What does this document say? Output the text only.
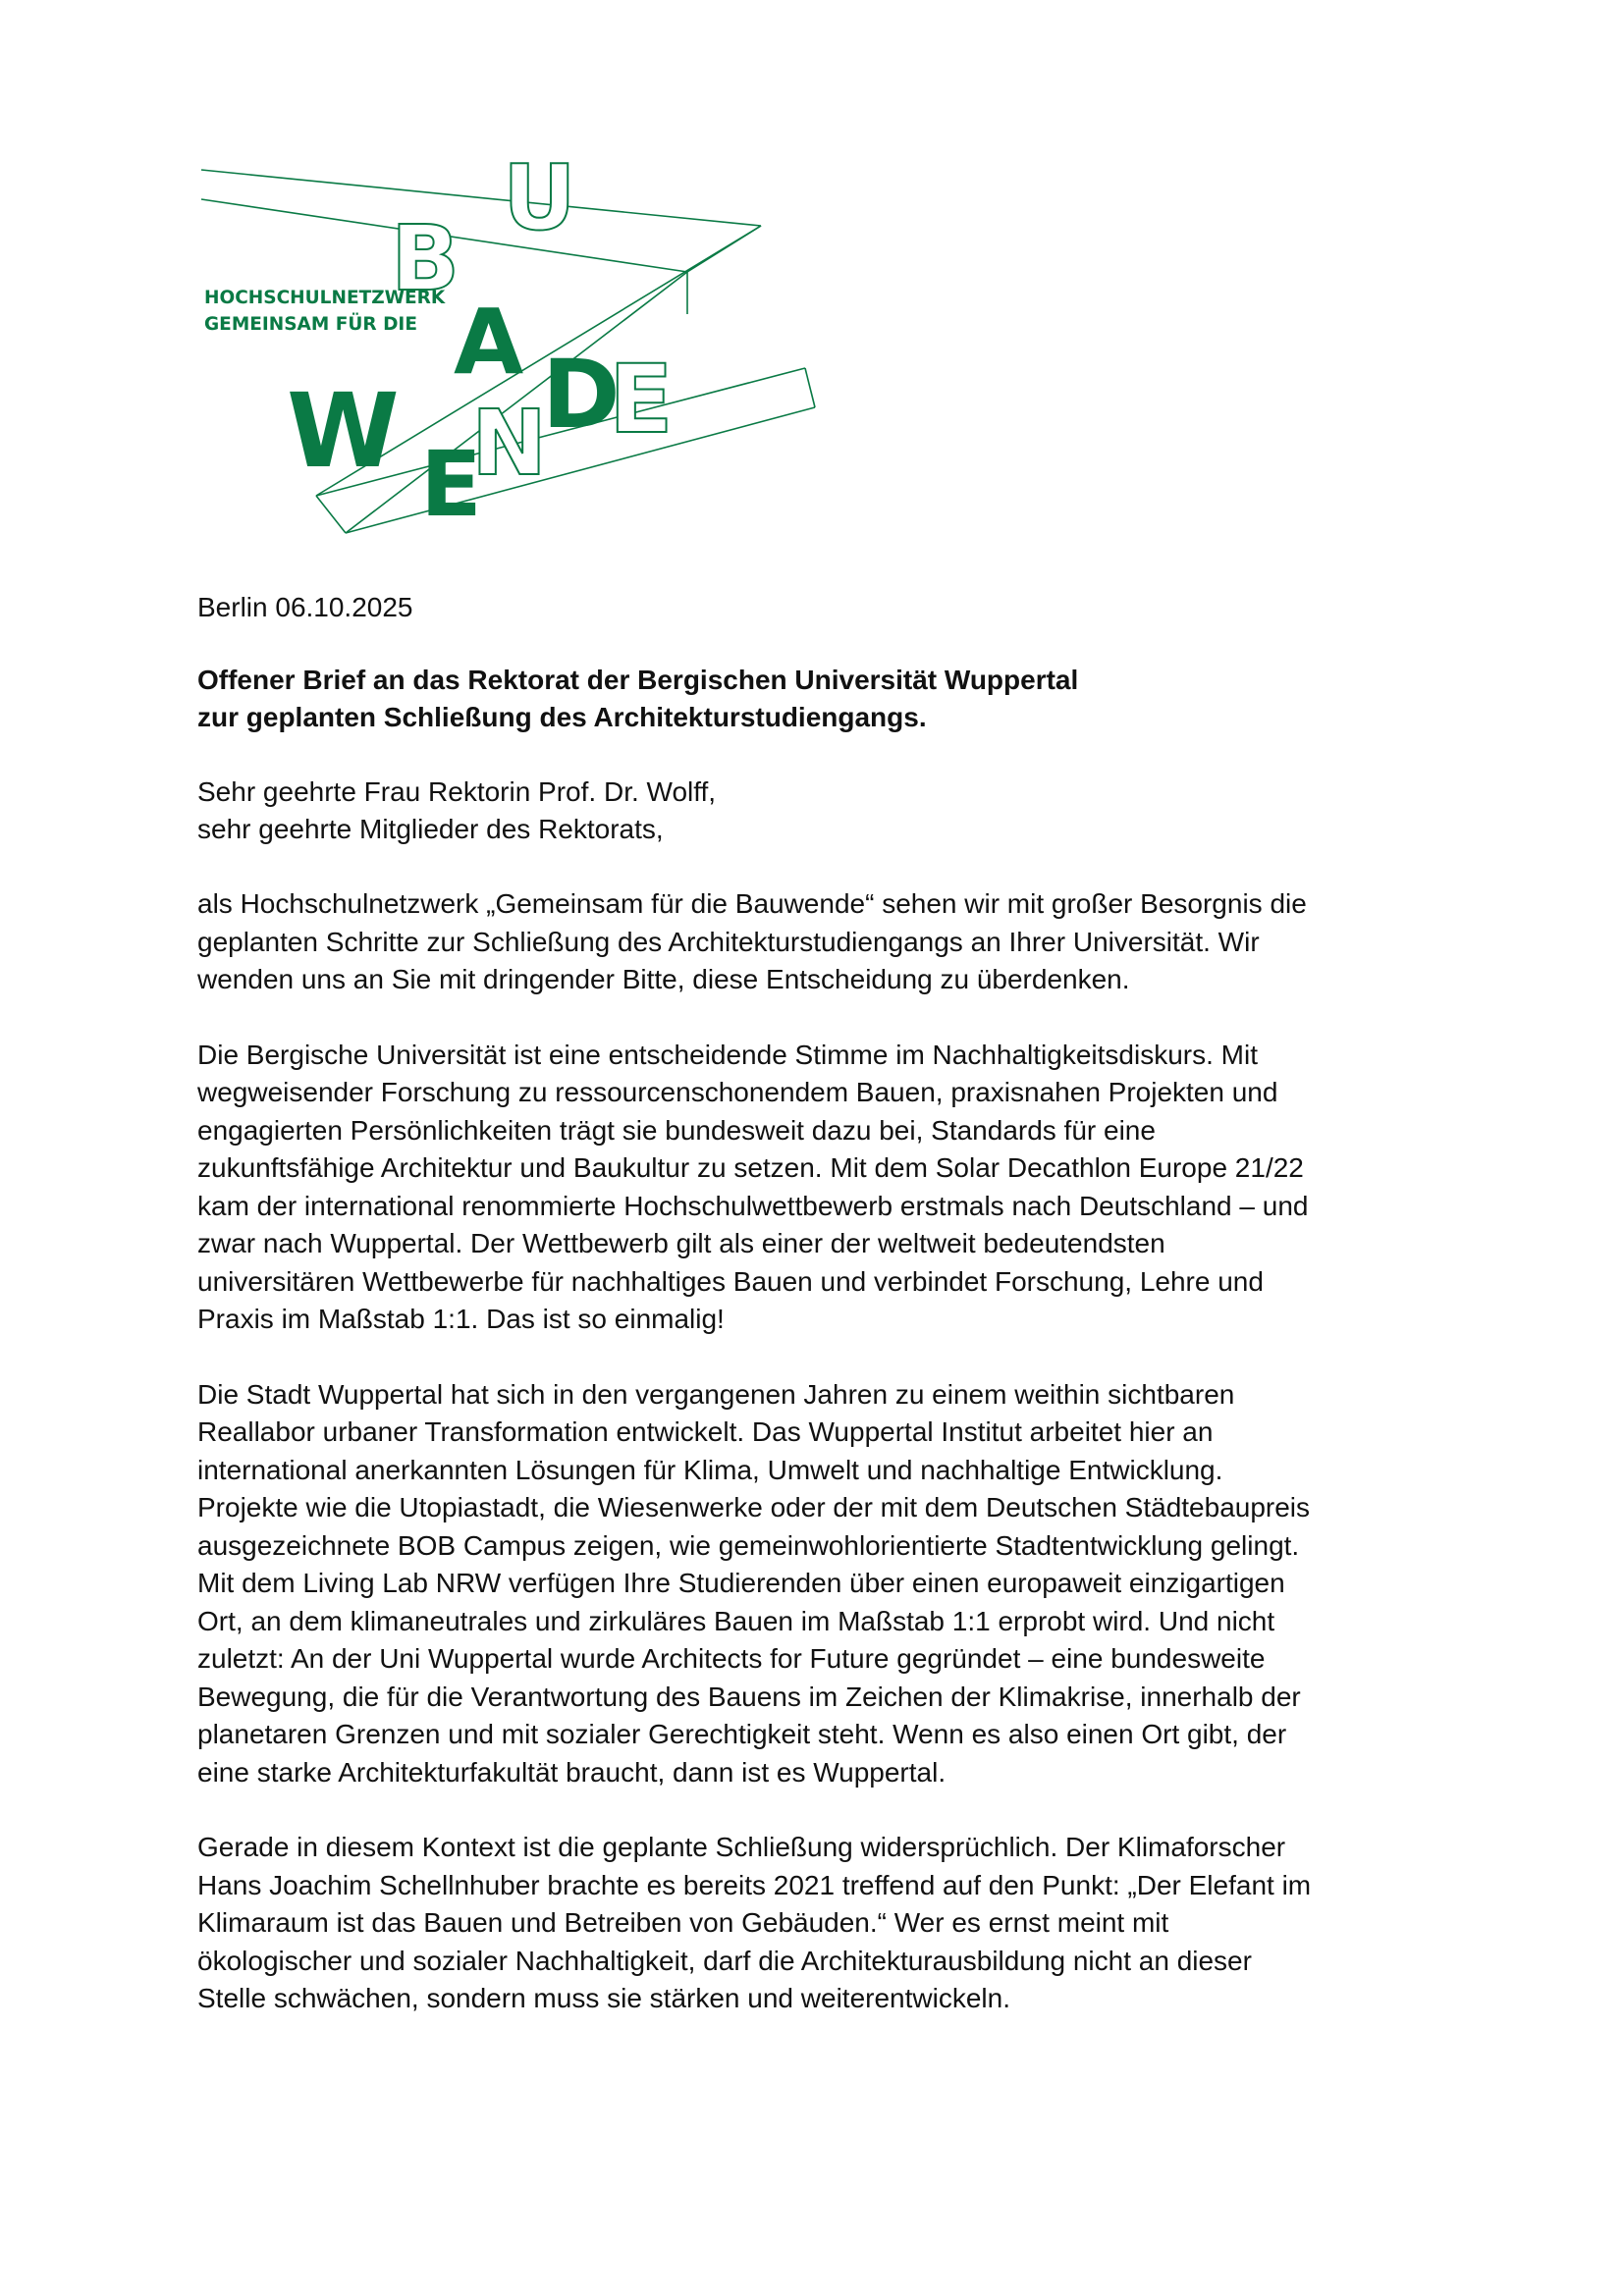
HOCHSCHULNETZWERK
GEMEINSAM FÜR DIE
B
A
U
W E
N
D
E

Berlin 06.10.2025

Offener Brief an das Rektorat der Bergischen Universität Wuppertal
zur geplanten Schließung des Architekturstudiengangs.

Sehr geehrte Frau Rektorin Prof. Dr. Wolff,
sehr geehrte Mitglieder des Rektorats,

als Hochschulnetzwerk „Gemeinsam für die Bauwende“ sehen wir mit großer Besorgnis die
geplanten Schritte zur Schließung des Architekturstudiengangs an Ihrer Universität. Wir
wenden uns an Sie mit dringender Bitte, diese Entscheidung zu überdenken.

Die Bergische Universität ist eine entscheidende Stimme im Nachhaltigkeitsdiskurs. Mit
wegweisender Forschung zu ressourcenschonendem Bauen, praxisnahen Projekten und
engagierten Persönlichkeiten trägt sie bundesweit dazu bei, Standards für eine
zukunftsfähige Architektur und Baukultur zu setzen. Mit dem Solar Decathlon Europe 21/22
kam der international renommierte Hochschulwettbewerb erstmals nach Deutschland – und
zwar nach Wuppertal. Der Wettbewerb gilt als einer der weltweit bedeutendsten
universitären Wettbewerbe für nachhaltiges Bauen und verbindet Forschung, Lehre und
Praxis im Maßstab 1:1. Das ist so einmalig!

Die Stadt Wuppertal hat sich in den vergangenen Jahren zu einem weithin sichtbaren
Reallabor urbaner Transformation entwickelt. Das Wuppertal Institut arbeitet hier an
international anerkannten Lösungen für Klima, Umwelt und nachhaltige Entwicklung.
Projekte wie die Utopiastadt, die Wiesenwerke oder der mit dem Deutschen Städtebaupreis
ausgezeichnete BOB Campus zeigen, wie gemeinwohlorientierte Stadtentwicklung gelingt.
Mit dem Living Lab NRW verfügen Ihre Studierenden über einen europaweit einzigartigen
Ort, an dem klimaneutrales und zirkuläres Bauen im Maßstab 1:1 erprobt wird. Und nicht
zuletzt: An der Uni Wuppertal wurde Architects for Future gegründet – eine bundesweite
Bewegung, die für die Verantwortung des Bauens im Zeichen der Klimakrise, innerhalb der
planetaren Grenzen und mit sozialer Gerechtigkeit steht. Wenn es also einen Ort gibt, der
eine starke Architekturfakultät braucht, dann ist es Wuppertal.

Gerade in diesem Kontext ist die geplante Schließung widersprüchlich. Der Klimaforscher
Hans Joachim Schellnhuber brachte es bereits 2021 treffend auf den Punkt: „Der Elefant im
Klimaraum ist das Bauen und Betreiben von Gebäuden.“ Wer es ernst meint mit
ökologischer und sozialer Nachhaltigkeit, darf die Architekturausbildung nicht an dieser
Stelle schwächen, sondern muss sie stärken und weiterentwickeln.
